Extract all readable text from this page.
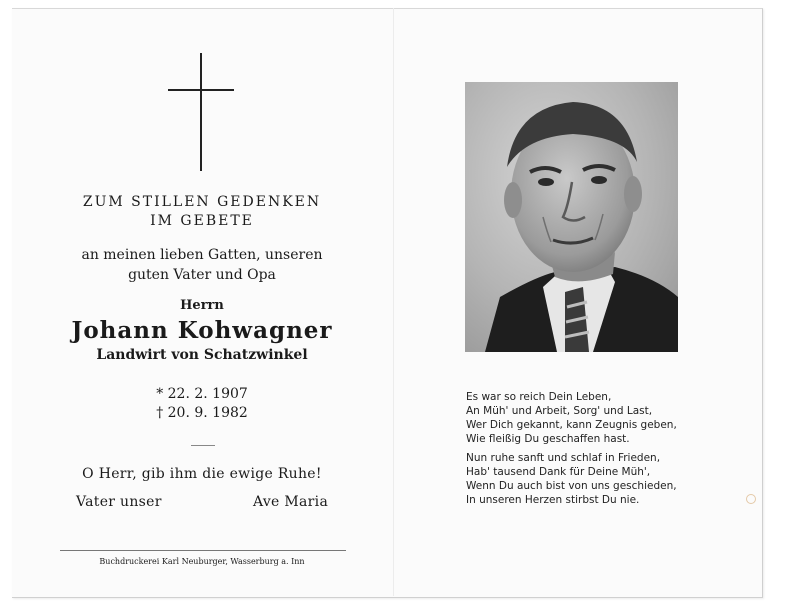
ZUM STILLEN GEDENKEN
IM GEBETE
an meinen lieben Gatten, unseren
guten Vater und Opa
Herrn
Johann Kohwagner
Landwirt von Schatzwinkel
* 22. 2. 1907
† 20. 9. 1982
O Herr, gib ihm die ewige Ruhe!
Vater unser	Ave Maria
Buchdruckerei Karl Neuburger, Wasserburg a. Inn
Es war so reich Dein Leben,
An Müh' und Arbeit, Sorg' und Last,
Wer Dich gekannt, kann Zeugnis geben,
Wie fleißig Du geschaffen hast.
Nun ruhe sanft und schlaf in Frieden,
Hab' tausend Dank für Deine Müh',
Wenn Du auch bist von uns geschieden,
In unseren Herzen stirbst Du nie.
